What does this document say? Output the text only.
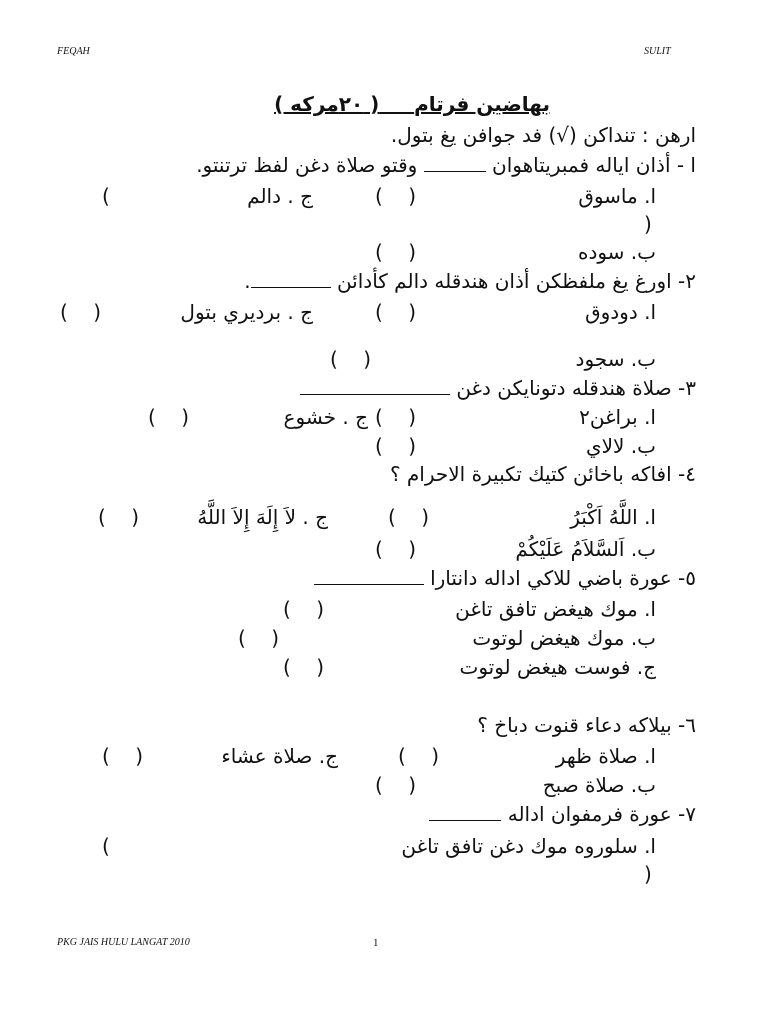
FEQAH	SULIT
بهاضين فرتام     ( ٢٠مركه )
ارهن : تنداكن (√) فد جوافن يغ بتول.
ا - أذان اياله فمبريتاهوان  وقتو صلاة دغن لفظ ترتنتو.
ا. ماسوق
( )
ج . دالم
(
)
ب. سوده
( )
٢- اورغ يغ ملفظكن أذان هندقله دالم كأدائن .
ا. دودوق
( )
ج . برديري بتول
( )
ب. سجود
( )
٣- صلاة هندقله دتونايكن دغن
ا. براغن٢
( )
ج . خشوع
( )
ب. لالاي
( )
٤- افاكه باخائن كتيك تكبيرة الاحرام ؟
ا. اللَّهُ اَكْبَرُ
( )
ج . لاَ إِلَهَ إِلاَ اللَّهُ
( )
ب. اَلسَّلاَمُ عَلَيْكُمْ
( )
٥- عورة باضي للاكي اداله دانتارا
ا. موك هيغض تافق تاغن
( )
ب. موك هيغض لوتوت
( )
ج. فوست هيغض لوتوت
( )
٦- بيلاكه دعاء قنوت دباخ ؟
ا. صلاة ظهر
( )
ج. صلاة عشاء
( )
ب. صلاة صبح
( )
٧- عورة فرمفوان اداله
ا. سلوروه موك دغن تافق تاغن
(
)
PKG JAIS HULU LANGAT 2010	1
